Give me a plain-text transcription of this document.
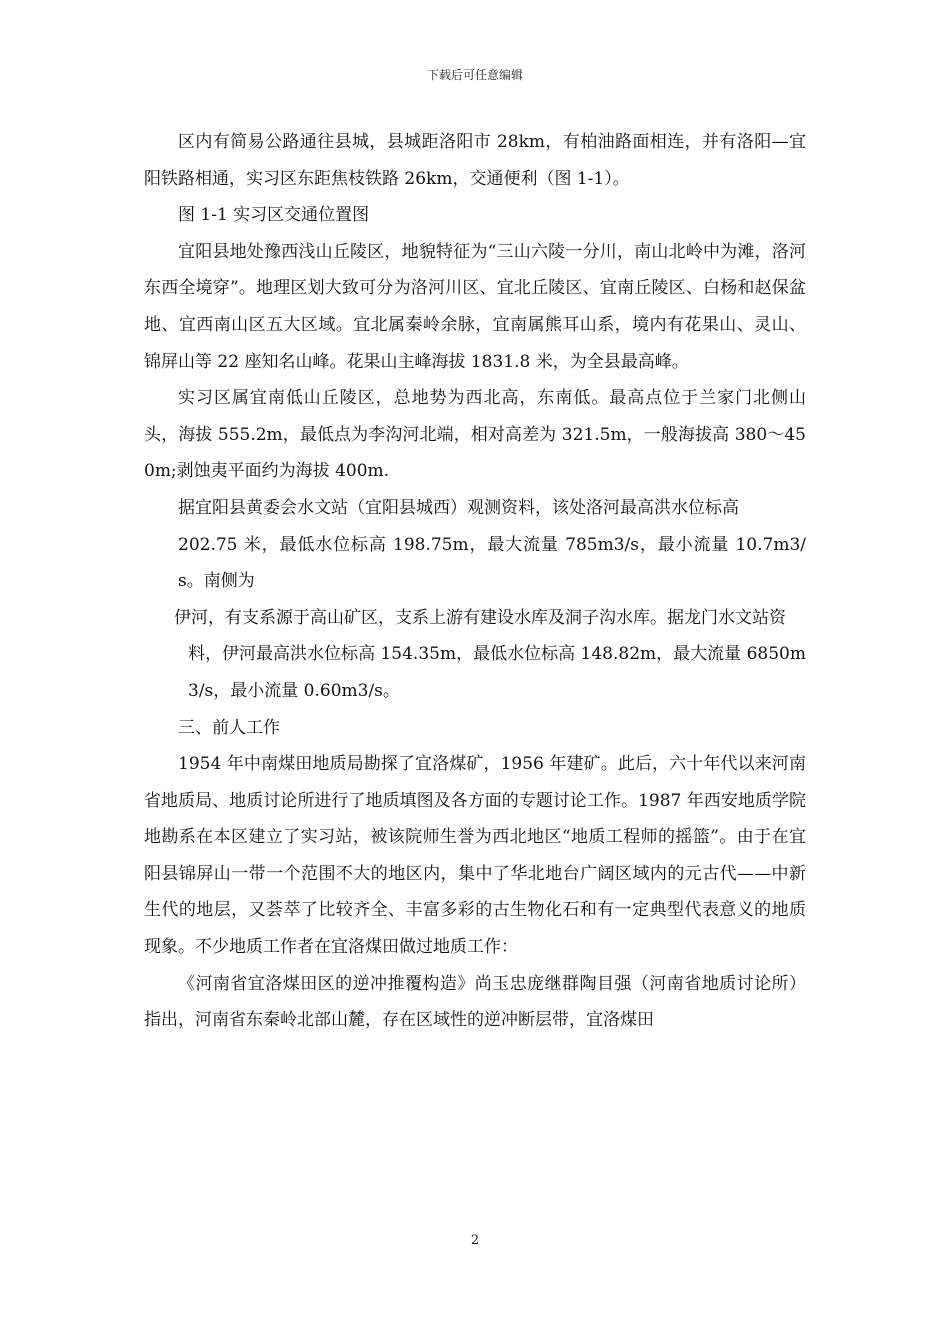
下载后可任意编辑

区内有简易公路通往县城，县城距洛阳市 28km，有柏油路面相连，并有洛阳—宜阳铁路相通，实习区东距焦枝铁路 26km，交通便利（图 1-1）。

图 1-1 实习区交通位置图

宜阳县地处豫西浅山丘陵区，地貌特征为“三山六陵一分川，南山北岭中为滩，洛河东西全境穿”。地理区划大致可分为洛河川区、宜北丘陵区、宜南丘陵区、白杨和赵保盆地、宜西南山区五大区域。宜北属秦岭余脉，宜南属熊耳山系，境内有花果山、灵山、锦屏山等 22 座知名山峰。花果山主峰海拔 1831.8 米，为全县最高峰。

实习区属宜南低山丘陵区，总地势为西北高，东南低。最高点位于兰家门北侧山头，海拔 555.2m，最低点为李沟河北端，相对高差为 321.5m，一般海拔高 380～450m;剥蚀夷平面约为海拔 400m.

据宜阳县黄委会水文站（宜阳县城西）观测资料，该处洛河最高洪水位标高

202.75 米，最低水位标高 198.75m，最大流量 785m3/s，最小流量 10.7m3/s。南侧为

伊河，有支系源于高山矿区，支系上游有建设水库及洞子沟水库。据龙门水文站资

料，伊河最高洪水位标高 154.35m，最低水位标高 148.82m，最大流量 6850m3/s，最小流量 0.60m3/s。

三、前人工作

1954 年中南煤田地质局勘探了宜洛煤矿，1956 年建矿。此后，六十年代以来河南省地质局、地质讨论所进行了地质填图及各方面的专题讨论工作。1987 年西安地质学院地勘系在本区建立了实习站，被该院师生誉为西北地区“地质工程师的摇篮”。由于在宜阳县锦屏山一带一个范围不大的地区内，集中了华北地台广阔区域内的元古代——中新生代的地层，又荟萃了比较齐全、丰富多彩的古生物化石和有一定典型代表意义的地质现象。不少地质工作者在宜洛煤田做过地质工作：

《河南省宜洛煤田区的逆冲推覆构造》尚玉忠庞继群陶目强（河南省地质讨论所）指出，河南省东秦岭北部山麓，存在区域性的逆冲断层带，宜洛煤田

2
